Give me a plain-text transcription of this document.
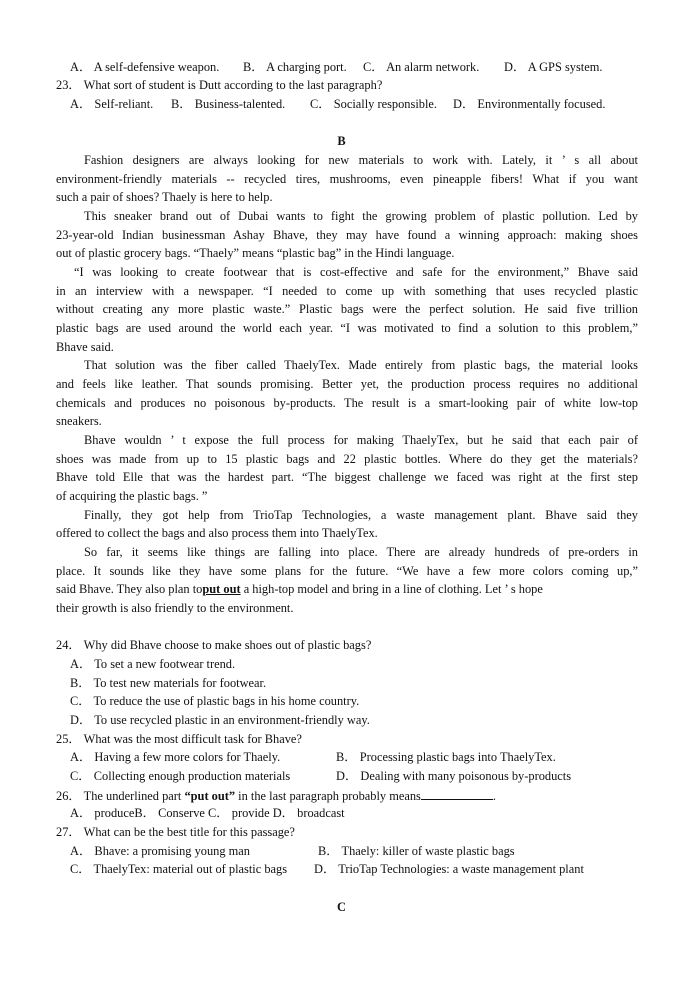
A． A self-defensive weapon. B． A charging port. C． An alarm network. D． A GPS system.
23． What sort of student is Dutt according to the last paragraph?
A． Self-reliant. B． Business-talented. C． Socially responsible. D． Environmentally focused.
B
Fashion designers are always looking for new materials to work with. Lately, it ’ s all about
environment-friendly materials -- recycled tires, mushrooms, even pineapple fibers! What if you want
such a pair of shoes? Thaely is here to help.
This sneaker brand out of Dubai wants to fight the growing problem of plastic pollution. Led by
23-year-old Indian businessman Ashay Bhave, they may have found a winning approach: making shoes
out of plastic grocery bags. “Thaely” means “plastic bag” in the Hindi language.
“I was looking to create footwear that is cost-effective and safe for the environment,” Bhave said
in an interview with a newspaper. “I needed to come up with something that uses recycled plastic
without creating any more plastic waste.” Plastic bags were the perfect solution. He said five trillion
plastic bags are used around the world each year. “I was motivated to find a solution to this problem,”
Bhave said.
That solution was the fiber called ThaelyTex. Made entirely from plastic bags, the material looks
and feels like leather. That sounds promising. Better yet, the production process requires no additional
chemicals and produces no poisonous by-products. The result is a smart-looking pair of white low-top
sneakers.
Bhave wouldn ’ t expose the full process for making ThaelyTex, but he said that each pair of
shoes was made from up to 15 plastic bags and 22 plastic bottles. Where do they get the materials?
Bhave told Elle that was the hardest part. “The biggest challenge we faced was right at the first step
of acquiring the plastic bags. ”
Finally, they got help from TrioTap Technologies, a waste management plant. Bhave said they
offered to collect the bags and also process them into ThaelyTex.
So far, it seems like things are falling into place. There are already hundreds of pre-orders in
place. It sounds like they have some plans for the future. “We have a few more colors coming up,”
said Bhave. They also plan toput out a high-top model and bring in a line of clothing. Let ’ s hope
their growth is also friendly to the environment.
24． Why did Bhave choose to make shoes out of plastic bags?
A． To set a new footwear trend.
B． To test new materials for footwear.
C． To reduce the use of plastic bags in his home country.
D． To use recycled plastic in an environment-friendly way.
25． What was the most difficult task for Bhave?
A． Having a few more colors for Thaely.	B． Processing plastic bags into ThaelyTex.
C． Collecting enough production materials	D． Dealing with many poisonous by-products
26． The underlined part “put out” in the last paragraph probably means	.
A． produceB． Conserve C． provide D． broadcast
27． What can be the best title for this passage?
A． Bhave: a promising young man	B． Thaely: killer of waste plastic bags
C． ThaelyTex: material out of plastic bags D． TrioTap Technologies: a waste management plant
C
